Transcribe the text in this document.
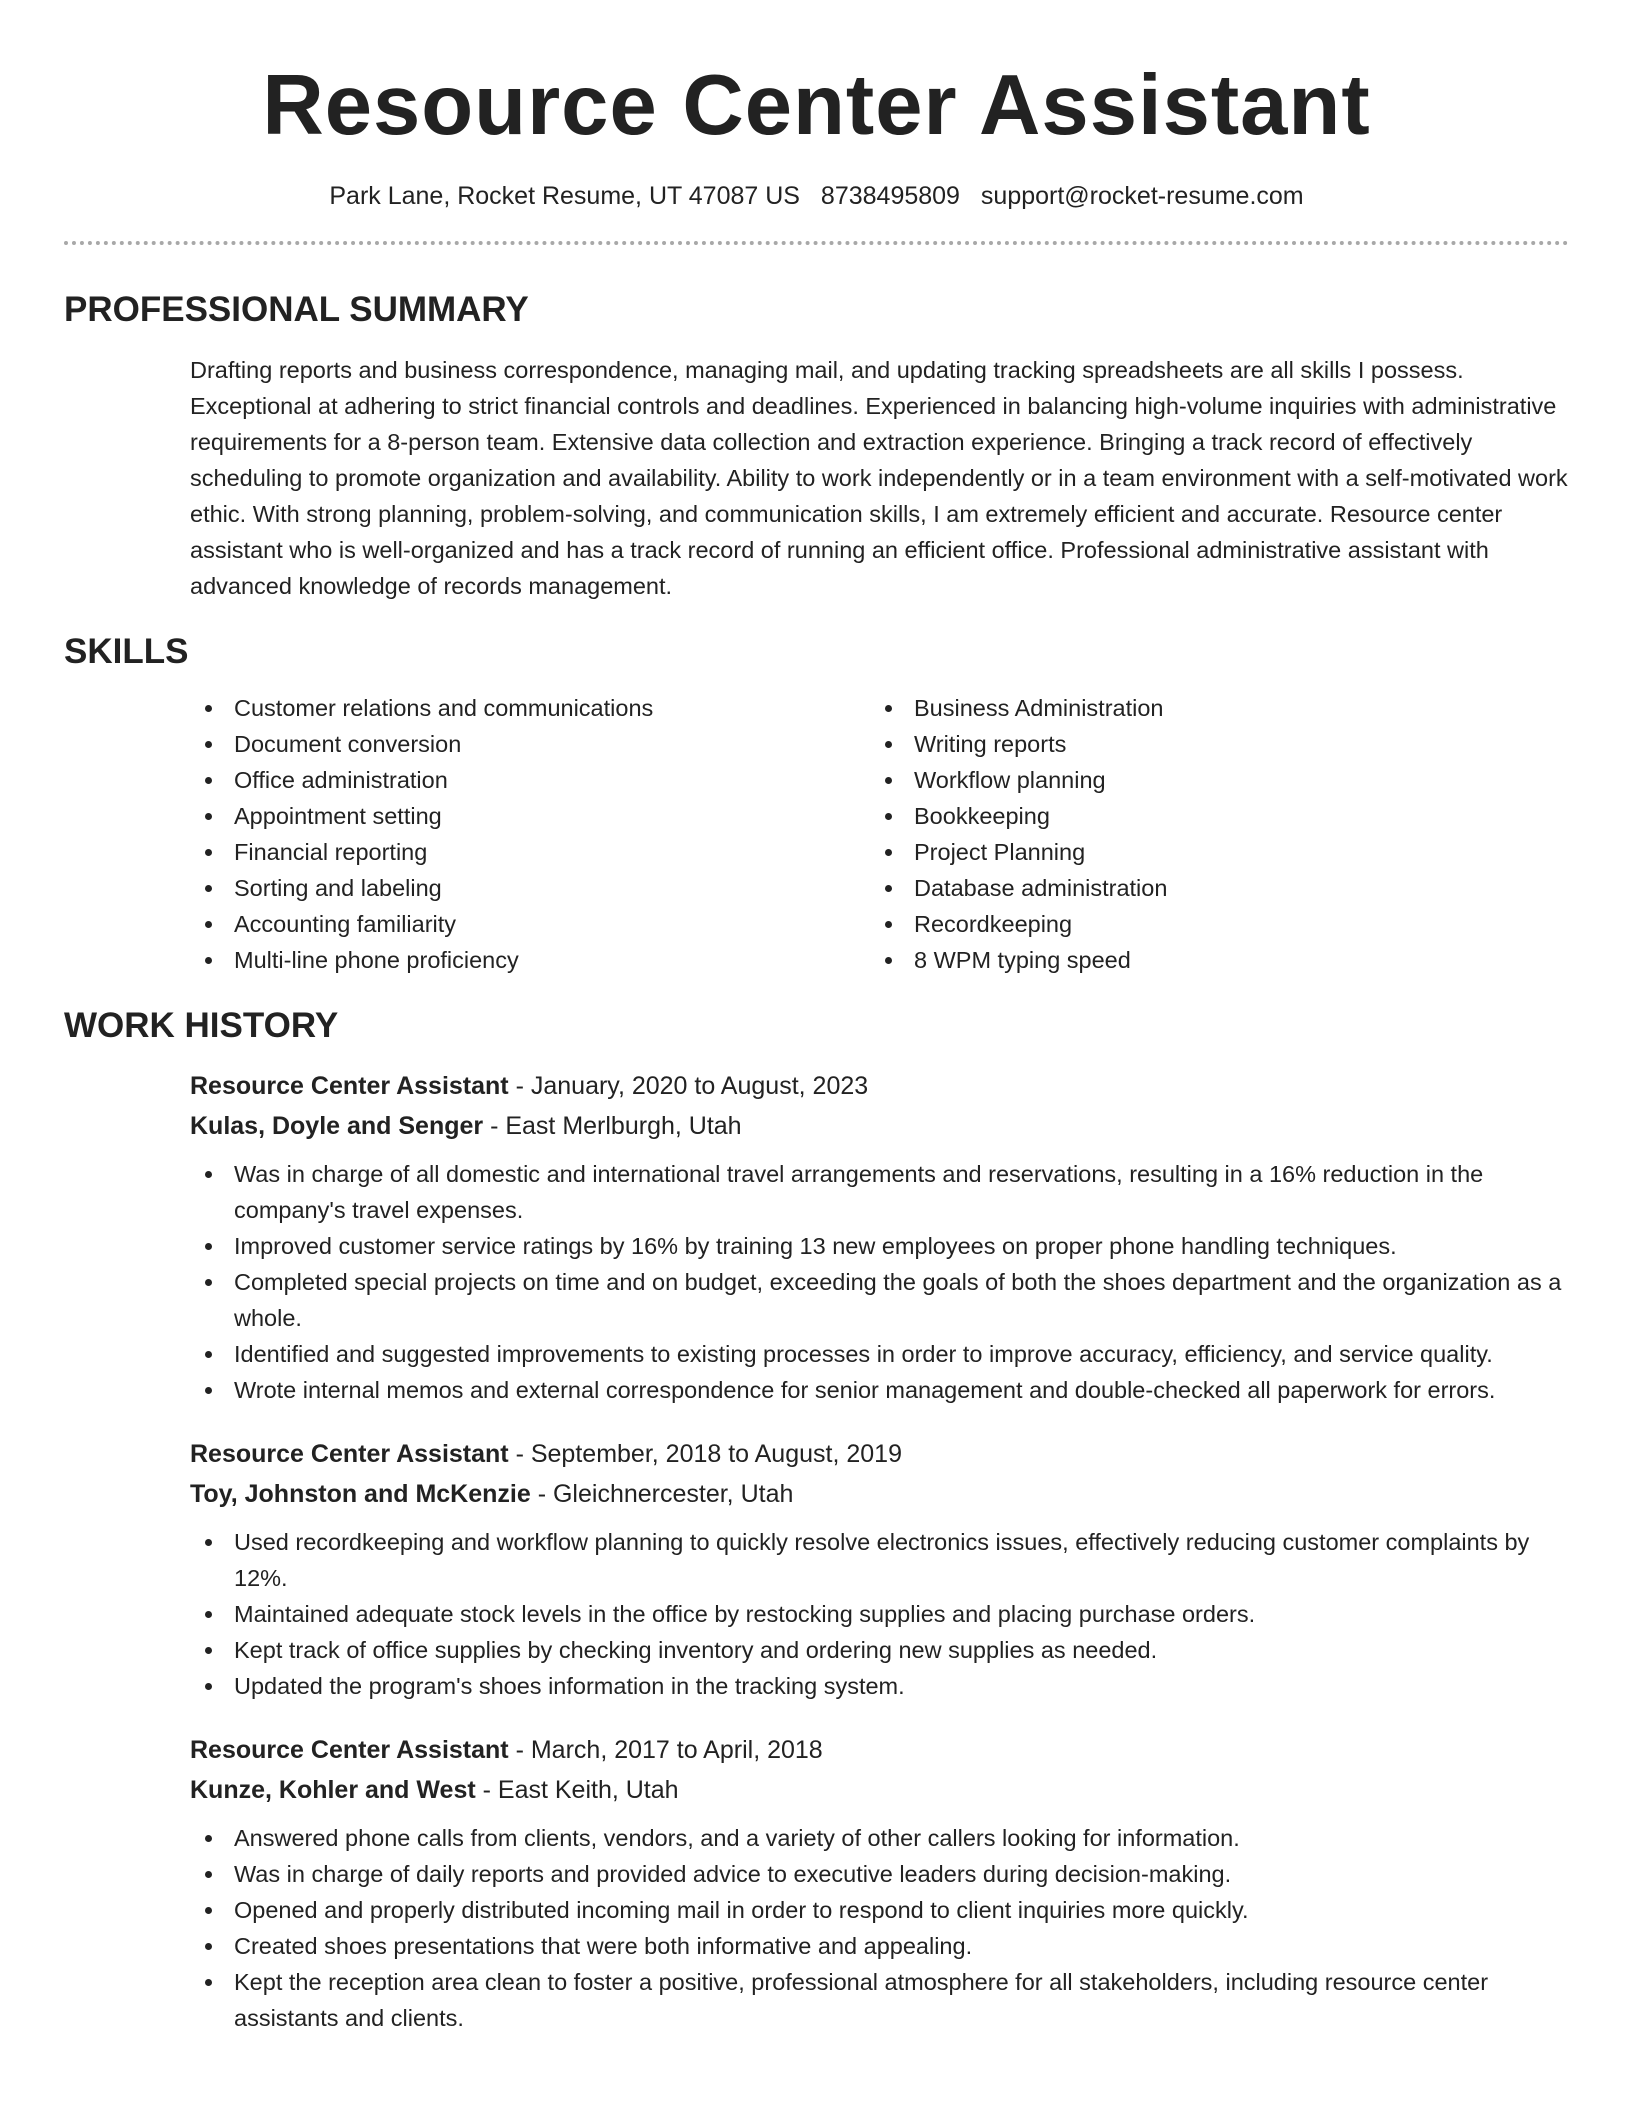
Resource Center Assistant
Park Lane, Rocket Resume, UT 47087 US 8738495809 support@rocket-resume.com
PROFESSIONAL SUMMARY
Drafting reports and business correspondence, managing mail, and updating tracking spreadsheets are all skills I possess. Exceptional at adhering to strict financial controls and deadlines. Experienced in balancing high-volume inquiries with administrative requirements for a 8-person team. Extensive data collection and extraction experience. Bringing a track record of effectively scheduling to promote organization and availability. Ability to work independently or in a team environment with a self-motivated work ethic. With strong planning, problem-solving, and communication skills, I am extremely efficient and accurate. Resource center assistant who is well-organized and has a track record of running an efficient office. Professional administrative assistant with advanced knowledge of records management.
SKILLS
Customer relations and communications
Document conversion
Office administration
Appointment setting
Financial reporting
Sorting and labeling
Accounting familiarity
Multi-line phone proficiency
Business Administration
Writing reports
Workflow planning
Bookkeeping
Project Planning
Database administration
Recordkeeping
8 WPM typing speed
WORK HISTORY
Resource Center Assistant - January, 2020 to August, 2023
Kulas, Doyle and Senger - East Merlburgh, Utah
Was in charge of all domestic and international travel arrangements and reservations, resulting in a 16% reduction in the company's travel expenses.
Improved customer service ratings by 16% by training 13 new employees on proper phone handling techniques.
Completed special projects on time and on budget, exceeding the goals of both the shoes department and the organization as a whole.
Identified and suggested improvements to existing processes in order to improve accuracy, efficiency, and service quality.
Wrote internal memos and external correspondence for senior management and double-checked all paperwork for errors.
Resource Center Assistant - September, 2018 to August, 2019
Toy, Johnston and McKenzie - Gleichnercester, Utah
Used recordkeeping and workflow planning to quickly resolve electronics issues, effectively reducing customer complaints by 12%.
Maintained adequate stock levels in the office by restocking supplies and placing purchase orders.
Kept track of office supplies by checking inventory and ordering new supplies as needed.
Updated the program's shoes information in the tracking system.
Resource Center Assistant - March, 2017 to April, 2018
Kunze, Kohler and West - East Keith, Utah
Answered phone calls from clients, vendors, and a variety of other callers looking for information.
Was in charge of daily reports and provided advice to executive leaders during decision-making.
Opened and properly distributed incoming mail in order to respond to client inquiries more quickly.
Created shoes presentations that were both informative and appealing.
Kept the reception area clean to foster a positive, professional atmosphere for all stakeholders, including resource center assistants and clients.
